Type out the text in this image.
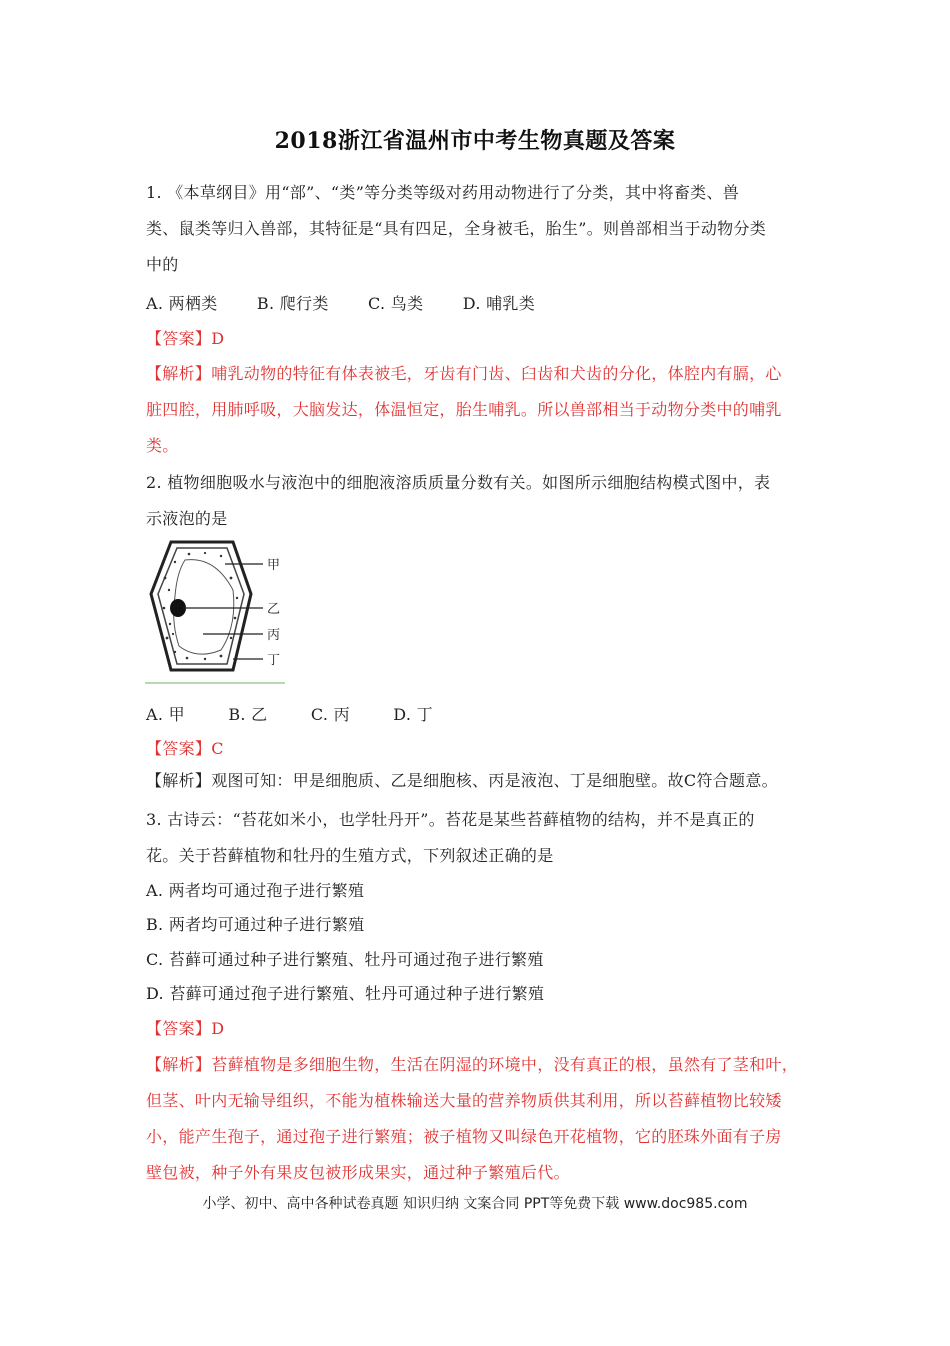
2018浙江省温州市中考生物真题及答案
1. 《本草纲目》用“部”、“类”等分类等级对药用动物进行了分类，其中将畜类、兽
类、鼠类等归入兽部，其特征是“具有四足，全身被毛，胎生”。则兽部相当于动物分类
中的
A. 两栖类 B. 爬行类 C. 鸟类 D. 哺乳类
【答案】D
【解析】哺乳动物的特征有体表被毛，牙齿有门齿、臼齿和犬齿的分化，体腔内有膈，心
脏四腔，用肺呼吸，大脑发达，体温恒定，胎生哺乳。所以兽部相当于动物分类中的哺乳
类。
2. 植物细胞吸水与液泡中的细胞液溶质质量分数有关。如图所示细胞结构模式图中，表
示液泡的是
甲
乙
丙
丁
A. 甲	B. 乙	C. 丙	D. 丁
【答案】C
【解析】观图可知：甲是细胞质、乙是细胞核、丙是液泡、丁是细胞壁。故C符合题意。
3. 古诗云：“苔花如米小，也学牡丹开”。苔花是某些苔藓植物的结构，并不是真正的
花。关于苔藓植物和牡丹的生殖方式，下列叙述正确的是
A. 两者均可通过孢子进行繁殖
B. 两者均可通过种子进行繁殖
C. 苔藓可通过种子进行繁殖、牡丹可通过孢子进行繁殖
D. 苔藓可通过孢子进行繁殖、牡丹可通过种子进行繁殖
【答案】D
【解析】苔藓植物是多细胞生物，生活在阴湿的环境中，没有真正的根，虽然有了茎和叶，
但茎、叶内无输导组织，不能为植株输送大量的营养物质供其利用，所以苔藓植物比较矮
小，能产生孢子，通过孢子进行繁殖；被子植物又叫绿色开花植物，它的胚珠外面有子房
壁包被，种子外有果皮包被形成果实，通过种子繁殖后代。
小学、初中、高中各种试卷真题 知识归纳 文案合同 PPT等免费下载 www.doc985.com
